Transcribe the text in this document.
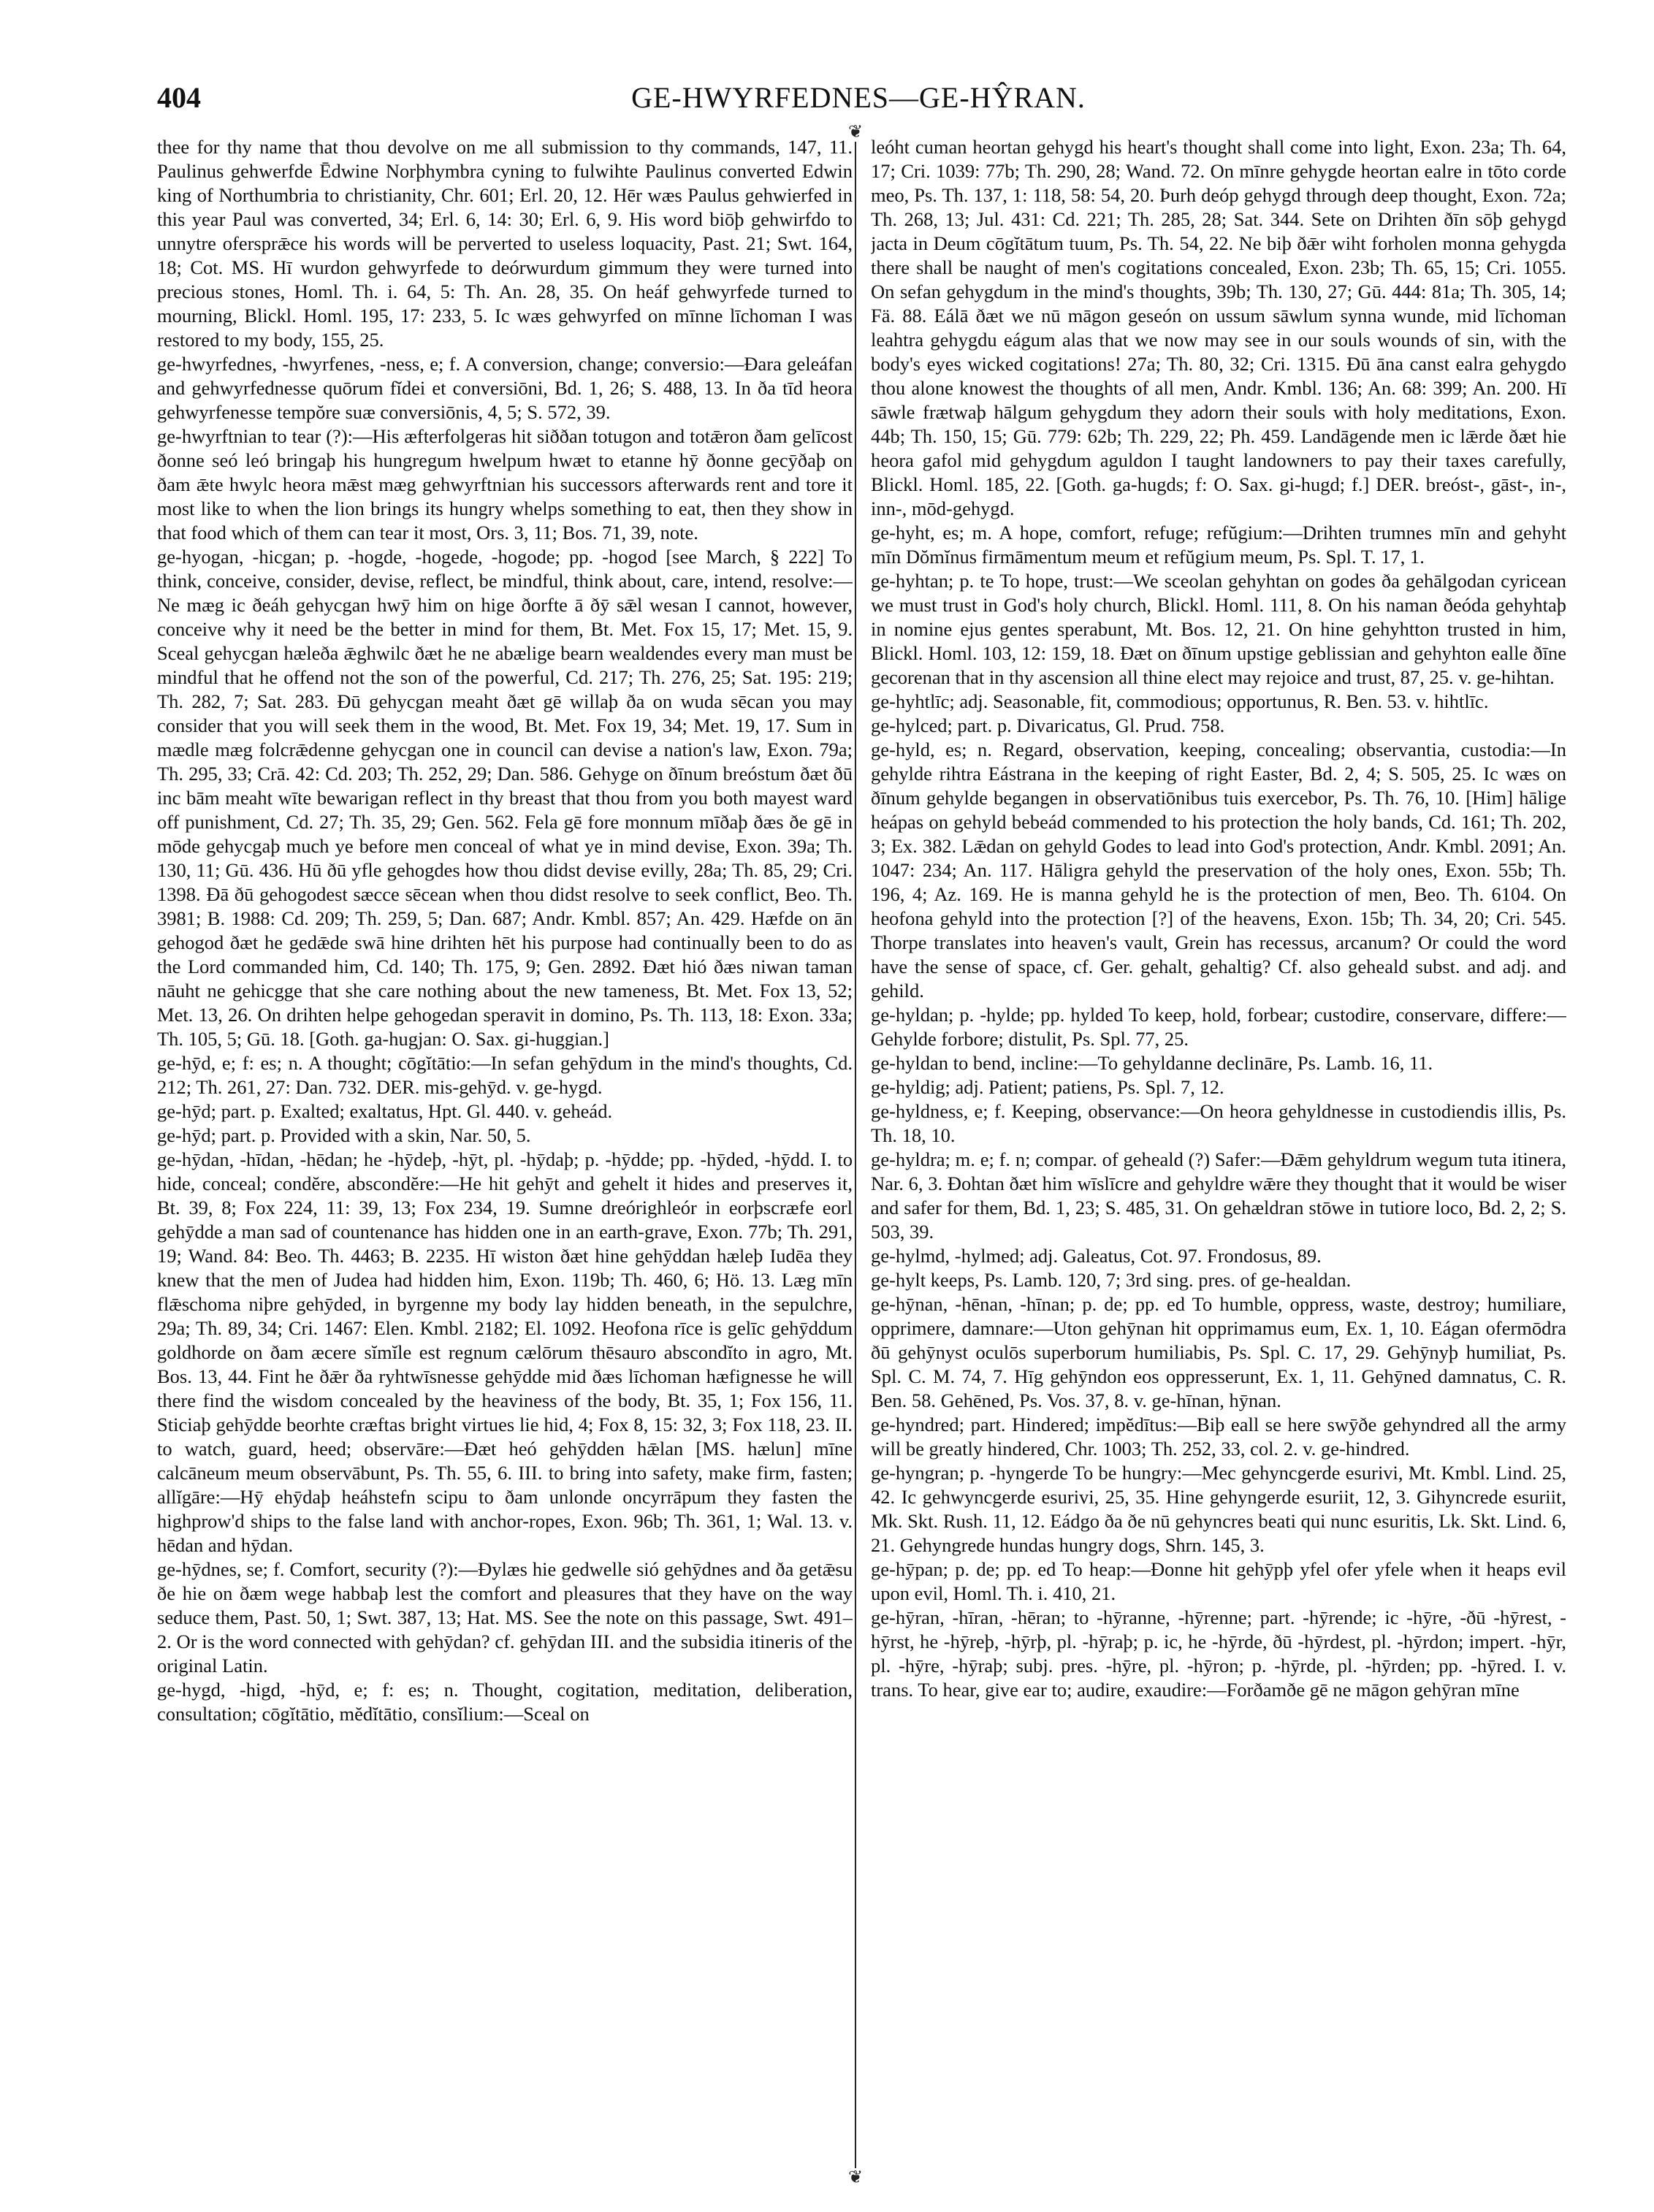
404	GE-HWYRFEDNES—GE-HŶRAN.
❦
❦

thee for thy name that thou devolve on me all submission to thy commands, 147, 11. Paulinus gehwerfde Ēdwine Norþhymbra cyning to fulwihte Paulinus converted Edwin king of Northumbria to christianity, Chr. 601; Erl. 20, 12. Hēr wæs Paulus gehwierfed in this year Paul was converted, 34; Erl. 6, 14: 30; Erl. 6, 9. His word biōþ gehwirfdo to unnytre ofersprǣce his words will be perverted to useless loquacity, Past. 21; Swt. 164, 18; Cot. MS. Hī wurdon gehwyrfede to deórwurdum gimmum they were turned into precious stones, Homl. Th. i. 64, 5: Th. An. 28, 35. On heáf gehwyrfede turned to mourning, Blickl. Homl. 195, 17: 233, 5. Ic wæs gehwyrfed on mīnne līchoman I was restored to my body, 155, 25.

ge-hwyrfednes, -hwyrfenes, -ness, e; f. A conversion, change; conversio:—Ðara geleáfan and gehwyrfednesse quōrum fĭdei et conversiōni, Bd. 1, 26; S. 488, 13. In ða tīd heora gehwyrfenesse tempŏre suæ conversiōnis, 4, 5; S. 572, 39.

ge-hwyrftnian to tear (?):—His æfterfolgeras hit siððan totugon and totǣron ðam gelīcost ðonne seó leó bringaþ his hungregum hwelpum hwæt to etanne hȳ ðonne gecȳðaþ on ðam ǣte hwylc heora mǣst mæg gehwyrftnian his successors afterwards rent and tore it most like to when the lion brings its hungry whelps something to eat, then they show in that food which of them can tear it most, Ors. 3, 11; Bos. 71, 39, note.

ge-hyogan, -hicgan; p. -hogde, -hogede, -hogode; pp. -hogod [see March, § 222] To think, conceive, consider, devise, reflect, be mindful, think about, care, intend, resolve:—Ne mæg ic ðeáh gehycgan hwȳ him on hige ðorfte ā ðȳ sǣl wesan I cannot, however, conceive why it need be the better in mind for them, Bt. Met. Fox 15, 17; Met. 15, 9. Sceal gehycgan hæleða ǣghwilc ðæt he ne abælige bearn wealdendes every man must be mindful that he offend not the son of the powerful, Cd. 217; Th. 276, 25; Sat. 195: 219; Th. 282, 7; Sat. 283. Ðū gehycgan meaht ðæt gē willaþ ða on wuda sēcan you may consider that you will seek them in the wood, Bt. Met. Fox 19, 34; Met. 19, 17. Sum in mædle mæg folcrǣdenne gehycgan one in council can devise a nation's law, Exon. 79a; Th. 295, 33; Crā. 42: Cd. 203; Th. 252, 29; Dan. 586. Gehyge on ðīnum breóstum ðæt ðū inc bām meaht wīte bewarigan reflect in thy breast that thou from you both mayest ward off punishment, Cd. 27; Th. 35, 29; Gen. 562. Fela gē fore monnum mīðaþ ðæs ðe gē in mōde gehycgaþ much ye before men conceal of what ye in mind devise, Exon. 39a; Th. 130, 11; Gū. 436. Hū ðū yfle gehogdes how thou didst devise evilly, 28a; Th. 85, 29; Cri. 1398. Ðā ðū gehogodest sæcce sēcean when thou didst resolve to seek conflict, Beo. Th. 3981; B. 1988: Cd. 209; Th. 259, 5; Dan. 687; Andr. Kmbl. 857; An. 429. Hæfde on ān gehogod ðæt he gedǣde swā hine drihten hēt his purpose had continually been to do as the Lord commanded him, Cd. 140; Th. 175, 9; Gen. 2892. Ðæt hió ðæs niwan taman nāuht ne gehicgge that she care nothing about the new tameness, Bt. Met. Fox 13, 52; Met. 13, 26. On drihten helpe gehogedan speravit in domino, Ps. Th. 113, 18: Exon. 33a; Th. 105, 5; Gū. 18. [Goth. ga-hugjan: O. Sax. gi-huggian.]

ge-hȳd, e; f: es; n. A thought; cōgĭtātio:—In sefan gehȳdum in the mind's thoughts, Cd. 212; Th. 261, 27: Dan. 732. DER. mis-gehȳd. v. ge-hygd.

ge-hȳd; part. p. Exalted; exaltatus, Hpt. Gl. 440. v. geheád.

ge-hȳd; part. p. Provided with a skin, Nar. 50, 5.

ge-hȳdan, -hīdan, -hēdan; he -hȳdeþ, -hȳt, pl. -hȳdaþ; p. -hȳdde; pp. -hȳded, -hȳdd. I. to hide, conceal; condĕre, abscondĕre:—He hit gehȳt and gehelt it hides and preserves it, Bt. 39, 8; Fox 224, 11: 39, 13; Fox 234, 19. Sumne dreórighleór in eorþscræfe eorl gehȳdde a man sad of countenance has hidden one in an earth-grave, Exon. 77b; Th. 291, 19; Wand. 84: Beo. Th. 4463; B. 2235. Hī wiston ðæt hine gehȳddan hæleþ Iudēa they knew that the men of Judea had hidden him, Exon. 119b; Th. 460, 6; Hö. 13. Læg mīn flǣschoma niþre gehȳded, in byrgenne my body lay hidden beneath, in the sepulchre, 29a; Th. 89, 34; Cri. 1467: Elen. Kmbl. 2182; El. 1092. Heofona rīce is gelīc gehȳddum goldhorde on ðam æcere sĭmĭle est regnum cælōrum thēsauro abscondĭto in agro, Mt. Bos. 13, 44. Fint he ðǣr ða ryhtwīsnesse gehȳdde mid ðæs līchoman hæfignesse he will there find the wisdom concealed by the heaviness of the body, Bt. 35, 1; Fox 156, 11. Sticiaþ gehȳdde beorhte cræftas bright virtues lie hid, 4; Fox 8, 15: 32, 3; Fox 118, 23. II. to watch, guard, heed; observāre:—Ðæt heó gehȳdden hǣlan [MS. hælun] mīne calcāneum meum observābunt, Ps. Th. 55, 6. III. to bring into safety, make firm, fasten; allĭgāre:—Hȳ ehȳdaþ heáhstefn scipu to ðam unlonde oncyrrāpum they fasten the highprow'd ships to the false land with anchor-ropes, Exon. 96b; Th. 361, 1; Wal. 13. v. hēdan and hȳdan.

ge-hȳdnes, se; f. Comfort, security (?):—Ðylæs hie gedwelle sió gehȳdnes and ða getǣsu ðe hie on ðæm wege habbaþ lest the comfort and pleasures that they have on the way seduce them, Past. 50, 1; Swt. 387, 13; Hat. MS. See the note on this passage, Swt. 491–2. Or is the word connected with gehȳdan? cf. gehȳdan III. and the subsidia itineris of the original Latin.

ge-hygd, -higd, -hȳd, e; f: es; n. Thought, cogitation, meditation, deliberation, consultation; cōgĭtātio, mĕdĭtātio, consĭlium:—Sceal on

leóht cuman heortan gehygd his heart's thought shall come into light, Exon. 23a; Th. 64, 17; Cri. 1039: 77b; Th. 290, 28; Wand. 72. On mīnre gehygde heortan ealre in tōto corde meo, Ps. Th. 137, 1: 118, 58: 54, 20. Þurh deóp gehygd through deep thought, Exon. 72a; Th. 268, 13; Jul. 431: Cd. 221; Th. 285, 28; Sat. 344. Sete on Drihten ðīn sōþ gehygd jacta in Deum cōgĭtātum tuum, Ps. Th. 54, 22. Ne biþ ðǣr wiht forholen monna gehygda there shall be naught of men's cogitations concealed, Exon. 23b; Th. 65, 15; Cri. 1055. On sefan gehygdum in the mind's thoughts, 39b; Th. 130, 27; Gū. 444: 81a; Th. 305, 14; Fä. 88. Eálā ðæt we nū māgon geseón on ussum sāwlum synna wunde, mid līchoman leahtra gehygdu eágum alas that we now may see in our souls wounds of sin, with the body's eyes wicked cogitations! 27a; Th. 80, 32; Cri. 1315. Ðū āna canst ealra gehygdo thou alone knowest the thoughts of all men, Andr. Kmbl. 136; An. 68: 399; An. 200. Hī sāwle frætwaþ hālgum gehygdum they adorn their souls with holy meditations, Exon. 44b; Th. 150, 15; Gū. 779: 62b; Th. 229, 22; Ph. 459. Landāgende men ic lǣrde ðæt hie heora gafol mid gehygdum aguldon I taught landowners to pay their taxes carefully, Blickl. Homl. 185, 22. [Goth. ga-hugds; f: O. Sax. gi-hugd; f.] DER. breóst-, gāst-, in-, inn-, mōd-gehygd.

ge-hyht, es; m. A hope, comfort, refuge; refŭgium:—Drihten trumnes mīn and gehyht mīn Dŏmĭnus firmāmentum meum et refŭgium meum, Ps. Spl. T. 17, 1.

ge-hyhtan; p. te To hope, trust:—We sceolan gehyhtan on godes ða gehālgodan cyricean we must trust in God's holy church, Blickl. Homl. 111, 8. On his naman ðeóda gehyhtaþ in nomine ejus gentes sperabunt, Mt. Bos. 12, 21. On hine gehyhtton trusted in him, Blickl. Homl. 103, 12: 159, 18. Ðæt on ðīnum upstige geblissian and gehyhton ealle ðīne gecorenan that in thy ascension all thine elect may rejoice and trust, 87, 25. v. ge-hihtan.

ge-hyhtlīc; adj. Seasonable, fit, commodious; opportunus, R. Ben. 53. v. hihtlīc.

ge-hylced; part. p. Divaricatus, Gl. Prud. 758.

ge-hyld, es; n. Regard, observation, keeping, concealing; observantia, custodia:—In gehylde rihtra Eástrana in the keeping of right Easter, Bd. 2, 4; S. 505, 25. Ic wæs on ðīnum gehylde begangen in observatiōnibus tuis exercebor, Ps. Th. 76, 10. [Him] hālige heápas on gehyld bebeád commended to his protection the holy bands, Cd. 161; Th. 202, 3; Ex. 382. Lǣdan on gehyld Godes to lead into God's protection, Andr. Kmbl. 2091; An. 1047: 234; An. 117. Hāligra gehyld the preservation of the holy ones, Exon. 55b; Th. 196, 4; Az. 169. He is manna gehyld he is the protection of men, Beo. Th. 6104. On heofona gehyld into the protection [?] of the heavens, Exon. 15b; Th. 34, 20; Cri. 545. Thorpe translates into heaven's vault, Grein has recessus, arcanum? Or could the word have the sense of space, cf. Ger. gehalt, gehaltig? Cf. also geheald subst. and adj. and gehild.

ge-hyldan; p. -hylde; pp. hylded To keep, hold, forbear; custodire, conservare, differe:—Gehylde forbore; distulit, Ps. Spl. 77, 25.

ge-hyldan to bend, incline:—To gehyldanne declināre, Ps. Lamb. 16, 11.

ge-hyldig; adj. Patient; patiens, Ps. Spl. 7, 12.

ge-hyldness, e; f. Keeping, observance:—On heora gehyldnesse in custodiendis illis, Ps. Th. 18, 10.

ge-hyldra; m. e; f. n; compar. of geheald (?) Safer:—Ðǣm gehyldrum wegum tuta itinera, Nar. 6, 3. Ðohtan ðæt him wīslīcre and gehyldre wǣre they thought that it would be wiser and safer for them, Bd. 1, 23; S. 485, 31. On gehældran stōwe in tutiore loco, Bd. 2, 2; S. 503, 39.

ge-hylmd, -hylmed; adj. Galeatus, Cot. 97. Frondosus, 89.

ge-hylt keeps, Ps. Lamb. 120, 7; 3rd sing. pres. of ge-healdan.

ge-hȳnan, -hēnan, -hīnan; p. de; pp. ed To humble, oppress, waste, destroy; humiliare, opprimere, damnare:—Uton gehȳnan hit opprimamus eum, Ex. 1, 10. Eágan ofermōdra ðū gehȳnyst oculōs superborum humiliabis, Ps. Spl. C. 17, 29. Gehȳnyþ humiliat, Ps. Spl. C. M. 74, 7. Hīg gehȳndon eos oppresserunt, Ex. 1, 11. Gehȳned damnatus, C. R. Ben. 58. Gehēned, Ps. Vos. 37, 8. v. ge-hīnan, hȳnan.

ge-hyndred; part. Hindered; impĕdītus:—Biþ eall se here swȳðe gehyndred all the army will be greatly hindered, Chr. 1003; Th. 252, 33, col. 2. v. ge-hindred.

ge-hyngran; p. -hyngerde To be hungry:—Mec gehyncgerde esurivi, Mt. Kmbl. Lind. 25, 42. Ic gehwyncgerde esurivi, 25, 35. Hine gehyngerde esuriit, 12, 3. Gihyncrede esuriit, Mk. Skt. Rush. 11, 12. Eádgo ða ðe nū gehyncres beati qui nunc esuritis, Lk. Skt. Lind. 6, 21. Gehyngrede hundas hungry dogs, Shrn. 145, 3.

ge-hȳpan; p. de; pp. ed To heap:—Ðonne hit gehȳpþ yfel ofer yfele when it heaps evil upon evil, Homl. Th. i. 410, 21.

ge-hȳran, -hīran, -hēran; to -hȳranne, -hȳrenne; part. -hȳrende; ic -hȳre, -ðū -hȳrest, -hȳrst, he -hȳreþ, -hȳrþ, pl. -hȳraþ; p. ic, he -hȳrde, ðū -hȳrdest, pl. -hȳrdon; impert. -hȳr, pl. -hȳre, -hȳraþ; subj. pres. -hȳre, pl. -hȳron; p. -hȳrde, pl. -hȳrden; pp. -hȳred. I. v. trans. To hear, give ear to; audire, exaudire:—Forðamðe gē ne māgon gehȳran mīne
